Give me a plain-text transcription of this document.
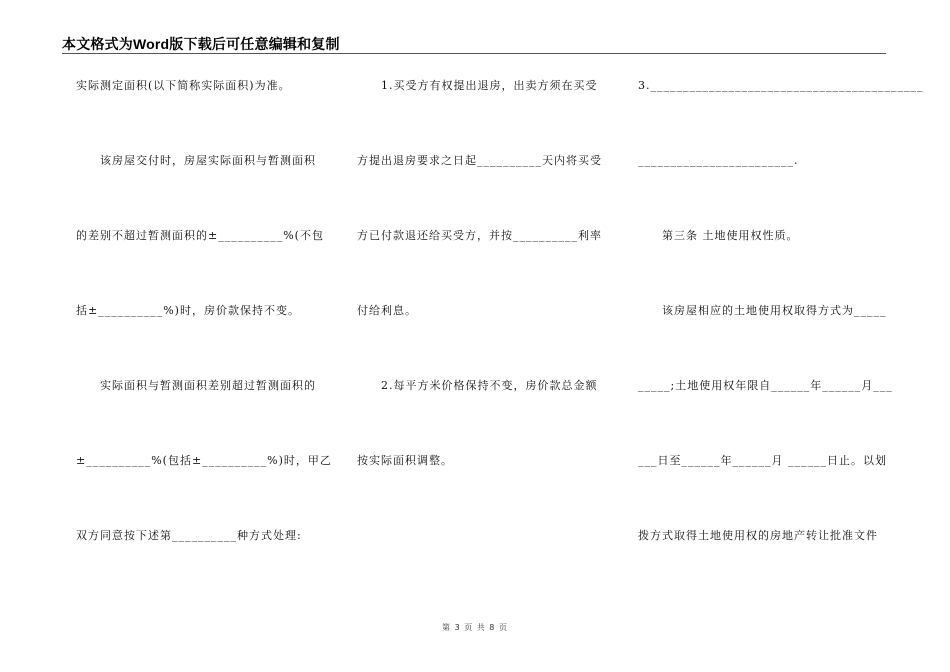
本文格式为Word版下载后可任意编辑和复制
实际测定面积(以下简称实际面积)为准。
　　该房屋交付时，房屋实际面积与暂测面积
的差别不超过暂测面积的±__________%(不包
括±__________%)时，房价款保持不变。
　　实际面积与暂测面积差别超过暂测面积的
±__________%(包括±__________%)时，甲乙
双方同意按下述第__________种方式处理:
　　1.买受方有权提出退房，出卖方须在买受
方提出退房要求之日起__________天内将买受
方已付款退还给买受方，并按__________利率
付给利息。
　　2.每平方米价格保持不变，房价款总金额
按实际面积调整。
3.__________________________________________
________________________.
　　第三条 土地使用权性质。
　　该房屋相应的土地使用权取得方式为_____
_____;土地使用权年限自______年______月___
___日至______年______月 ______日止。以划
拨方式取得土地使用权的房地产转让批准文件
第 3 页 共 8 页
